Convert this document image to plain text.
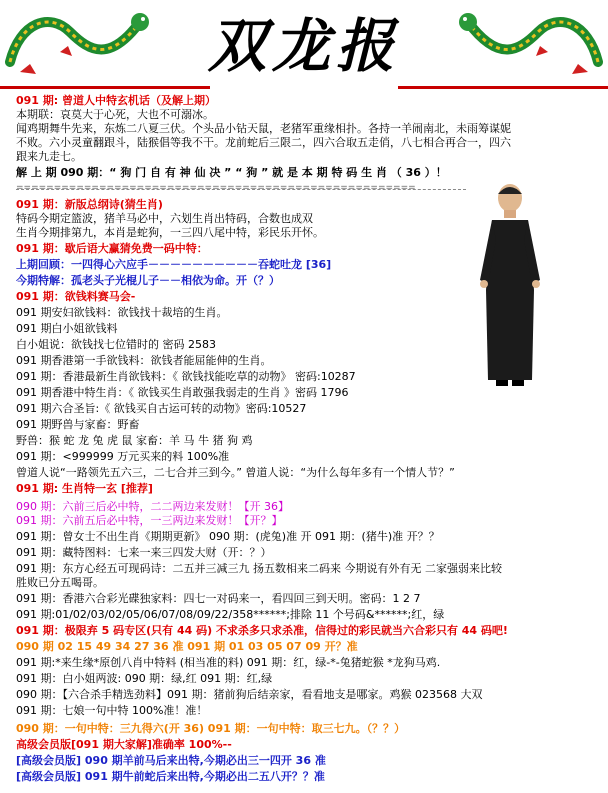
双龙报
091 期: 曾道人中特玄机话（及解上期）
本期联：哀莫大于心死，大也不可溺冰。
闻鸡期舞牛先来，东炼二八夏三伏。个头品小钻天鼠，老猪军重缘相扑。各持一羊闹南北，未雨筹谋妮
不败。六小灵童翻跟斗，陆猴倡等我不干。龙前蛇后三限二，四六合取五走俏，八七相合再合一，四六
跟来九走七。
解 上 期 090 期：“ 狗 门 自 有 神 仙 决 ” “ 狗 ” 就 是 本 期 特 码 生 肖 （ 36 ）！
=====================================================
091 期：新版总纲诗(猜生肖)
特码今期定篮波，猪羊马必中，六划生肖出特码，合数也成双
生肖今期排第九，本肖是蛇狗，一三四八尾中特，彩民乐开怀。
091 期：歇后语大赢猜免费一码中特：
上期回顾：一四得心六应手－－－－－－－－－－吞蛇吐龙 [36]
今期特解：孤老头子光棍儿子－－相依为命。开（？）
091 期：欲钱料赛马会-
091 期安妇欲钱料：欲钱找十裁培的生肖。
091 期白小姐欲钱料
白小姐说：欲钱找七位错时的 密码 2583
091 期香港第一手欲钱料：欲钱者能屈能伸的生肖。
091 期：香港最新生肖欲钱料：《 欲钱找能吃草的动物》 密码:10287
091 期香港中特生肖：《 欲钱买生肖敢强我弱走的生肖 》密码 1796
091 期六合圣旨:《 欲钱买自古运可转的动物》密码:10527
091 期野兽与家畜：野畜
野兽：猴 蛇 龙 兔 虎 鼠 家畜：羊 马 牛 猪 狗 鸡
091 期：<999999 万元买来的料 100%准
曾道人说“一路领先五六三，二七合并三到今。” 曾道人说：“为什么每年多有一个情人节？”
091 期: 生肖特一玄 [推荐]
090 期：六前三后必中特，二二两边来发财！【开 36】
091 期：六前五后必中特，一三两边来发财！【开？】
091 期：曾女士不出生肖《期期更新》 090 期：(虎兔)准 开 091 期：(猪牛)准 开？？
091 期：藏特图料：七来一来三四发大财（开：？）
091 期：东方心经五可现码诗：二五并三减三九 扬五数相来二码来 今期说有外有无 二家强弱来比较
胜败已分五喝哥。
091 期：香港六合彩光碟独家料：四七一对码来一，看四回三到天明。密码：1 2 7
091 期:01/02/03/02/05/06/07/08/09/22/358******;排除 11 个号码&******;红，绿
091 期：极限弃 5 码专区(只有 44 码) 不求杀多只求杀准，信得过的彩民就当六合彩只有 44 码吧!
090 期 02 15 49 34 27 36 准 091 期 01 03 05 07 09 开？准
091 期:*来生缘*原创八肖中特料 (相当准的料) 091 期：红，绿-*-兔猪蛇猴 *龙狗马鸡.
091 期：白小姐两波: 090 期：绿,红 091 期：红,绿
090 期：【六合杀手精选劲料】091 期：猪前狗后结亲家，看看地支是哪家。鸡猴 023568 大双
091 期：七娘一句中特 100%准！准！
090 期：一句中特：三九得六(开 36) 091 期：一句中特：取三七九。（？？）
高级会员版[091 期大家解]准确率 100%--
[高级会员版] 090 期羊前马后来出特,今期必出三一四开 36 准
[高级会员版] 091 期牛前蛇后来出特,今期必出二五八开？？准
